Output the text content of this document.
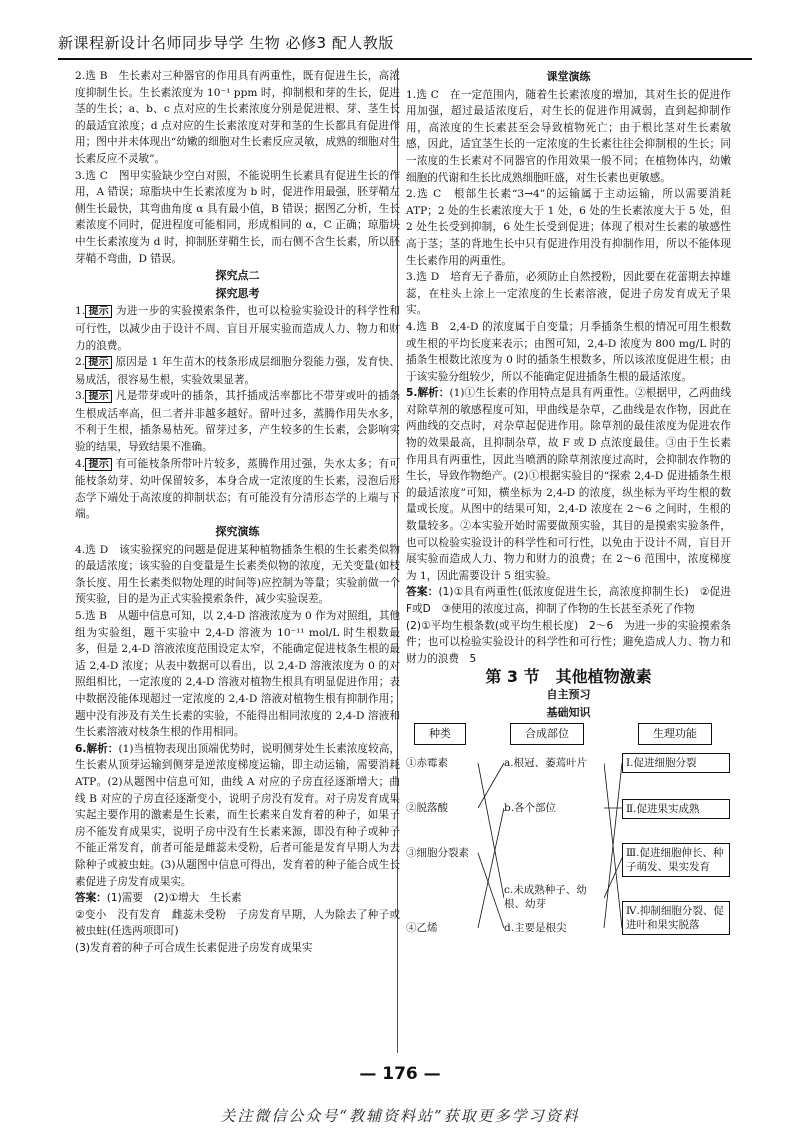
新课程新设计名师同步导学 生物 必修3 配人教版

2.选 B　生长素对三种器官的作用具有两重性，既有促进生长，高浓度抑制生长。生长素浓度为 10⁻¹ ppm 时，抑制根和芽的生长，促进茎的生长；a、b、c 点对应的生长素浓度分别是促进根、芽、茎生长的最适宜浓度；d 点对应的生长素浓度对芽和茎的生长都具有促进作用；图中并未体现出“幼嫩的细胞对生长素反应灵敏，成熟的细胞对生长素反应不灵敏”。

3.选 C　图甲实验缺少空白对照，不能说明生长素具有促进生长的作用，A 错误；琼脂块中生长素浓度为 b 时，促进作用最强，胚芽鞘左侧生长最快，其弯曲角度 α 具有最小值，B 错误；据图乙分析，生长素浓度不同时，促进程度可能相同，形成相同的 α，C 正确；琼脂块中生长素浓度为 d 时，抑制胚芽鞘生长，而右侧不含生长素，所以胚芽鞘不弯曲，D 错误。

探究点二
探究思考

1. 提示 为进一步的实验摸索条件，也可以检验实验设计的科学性和可行性，以减少由于设计不周、盲目开展实验而造成人力、物力和财力的浪费。

2. 提示 原因是 1 年生苗木的枝条形成层细胞分裂能力强，发育快、易成活，很容易生根，实验效果显著。

3. 提示 凡是带芽或叶的插条，其扦插成活率都比不带芽或叶的插条生根成活率高，但二者并非越多越好。留叶过多，蒸腾作用失水多，不利于生根，插条易枯死。留芽过多，产生较多的生长素，会影响实验的结果，导致结果不准确。

4. 提示 有可能枝条所带叶片较多，蒸腾作用过强，失水太多；有可能枝条幼芽、幼叶保留较多，本身合成一定浓度的生长素，浸泡后形态学下端处于高浓度的抑制状态；有可能没有分清形态学的上端与下端。

探究演练

4.选 D　该实验探究的问题是促进某种植物插条生根的生长素类似物的最适浓度；该实验的自变量是生长素类似物的浓度，无关变量(如枝条长度、用生长素类似物处理的时间等)应控制为等量；实验前做一个预实验，目的是为正式实验摸索条件，减少实验误差。

5.选 B　从题中信息可知，以 2,4-D 溶液浓度为 0 作为对照组，其他组为实验组，题干实验中 2,4-D 溶液为 10⁻¹¹ mol/L 时生根数最多，但是 2,4-D 溶液浓度范围设定太窄，不能确定促进枝条生根的最适 2,4-D 浓度；从表中数据可以看出，以 2,4-D 溶液浓度为 0 的对照组相比，一定浓度的 2,4-D 溶液对植物生根具有明显促进作用；表中数据没能体现超过一定浓度的 2,4-D 溶液对植物生根有抑制作用；题中没有涉及有关生长素的实验，不能得出相同浓度的 2,4-D 溶液和生长素溶液对枝条生根的作用相同。

6.解析：(1)当植物表现出顶端优势时，说明侧芽处生长素浓度较高，生长素从顶芽运输到侧芽是逆浓度梯度运输，即主动运输，需要消耗 ATP。(2)从题图中信息可知，曲线 A 对应的子房直径逐渐增大；曲线 B 对应的子房直径逐渐变小，说明子房没有发育。对子房发育成果实起主要作用的激素是生长素，而生长素来自发育着的种子，如果子房不能发育成果实，说明子房中没有生长素来源，即没有种子或种子不能正常发育，前者可能是雌蕊未受粉，后者可能是发育早期人为去除种子或被虫蛀。(3)从题图中信息可得出，发育着的种子能合成生长素促进子房发育成果实。

答案：(1)需要　(2)①增大　生长素

②变小　没有发育　雌蕊未受粉　子房发育早期，人为除去了种子或被虫蛀(任选两项即可)

(3)发育着的种子可合成生长素促进子房发育成果实

课堂演练

1.选 C　在一定范围内，随着生长素浓度的增加，其对生长的促进作用加强，超过最适浓度后，对生长的促进作用减弱，直到起抑制作用，高浓度的生长素甚至会导致植物死亡；由于根比茎对生长素敏感，因此，适宜茎生长的一定浓度的生长素往往会抑制根的生长；同一浓度的生长素对不同器官的作用效果一般不同；在植物体内，幼嫩细胞的代谢和生长比成熟细胞旺盛，对生长素也更敏感。

2.选 C　根部生长素“3→4”的运输属于主动运输，所以需要消耗 ATP；2 处的生长素浓度大于 1 处，6 处的生长素浓度大于 5 处，但 2 处生长受到抑制，6 处生长受到促进；体现了根对生长素的敏感性高于茎；茎的背地生长中只有促进作用没有抑制作用，所以不能体现生长素作用的两重性。

3.选 D　培育无子番茄，必须防止自然授粉，因此要在花蕾期去掉雄蕊，在柱头上涂上一定浓度的生长素溶液，促进子房发育成无子果实。

4.选 B　2,4-D 的浓度属于自变量；月季插条生根的情况可用生根数或生根的平均长度来表示；由图可知，2,4-D 浓度为 800 mg/L 时的插条生根数比浓度为 0 时的插条生根数多，所以该浓度促进生根；由于该实验分组较少，所以不能确定促进插条生根的最适浓度。

5.解析：(1)①生长素的作用特点是具有两重性。②根据甲，乙两曲线对除草剂的敏感程度可知，甲曲线是杂草，乙曲线是农作物，因此在两曲线的交点时，对杂草起促进作用。除草剂的最佳浓度为促进农作物的效果最高，且抑制杂草，故 F 或 D 点浓度最佳。③由于生长素作用具有两重性，因此当喷洒的除草剂浓度过高时，会抑制农作物的生长，导致作物绝产。(2)①根据实验目的“探索 2,4-D 促进插条生根的最适浓度”可知，横坐标为 2,4-D 的浓度，纵坐标为平均生根的数量或长度。从图中的结果可知，2,4-D 浓度在 2～6 之间时，生根的数量较多。②本实验开始时需要做预实验，其目的是摸索实验条件，也可以检验实验设计的科学性和可行性，以免由于设计不周，盲目开展实验而造成人力、物力和财力的浪费；在 2～6 范围中，浓度梯度为 1，因此需要设计 5 组实验。

答案：(1)①具有两重性(低浓度促进生长，高浓度抑制生长)　②促进　F或D　③使用的浓度过高，抑制了作物的生长甚至杀死了作物

(2)①平均生根条数(或平均生根长度)　2～6　为进一步的实验摸索条件；也可以检验实验设计的科学性和可行性；避免造成人力、物力和财力的浪费　5

第 3 节　其他植物激素
自主预习
基础知识
种类	合成部位	生理功能
①赤霉素
②脱落酸
③细胞分裂素
④乙烯
a.根冠、萎蔫叶片
b.各个部位
c.未成熟种子、幼根、幼芽
d.主要是根尖
Ⅰ.促进细胞分裂
Ⅱ.促进果实成熟
Ⅲ.促进细胞伸长、种子萌发、果实发育
Ⅳ.抑制细胞分裂、促进叶和果实脱落
— 176 —
关注微信公众号“教辅资料站”获取更多学习资料
